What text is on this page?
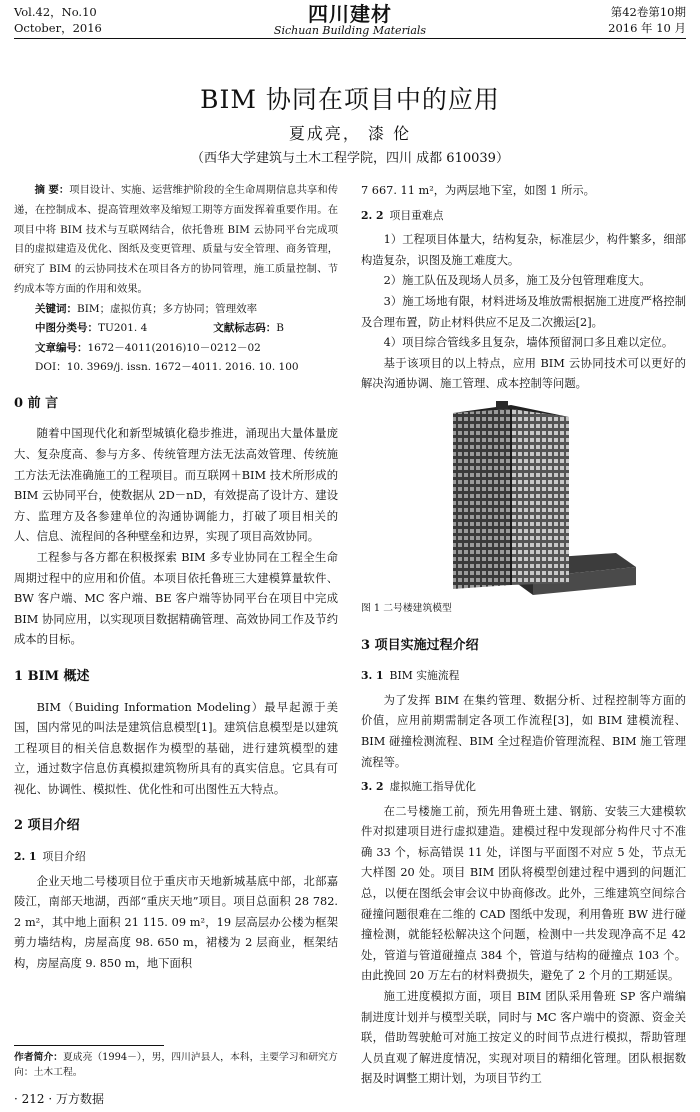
Vol.42，No.10
October，2016
四川建材
Sichuan Building Materials
第42卷第10期
2016 年 10 月
BIM 协同在项目中的应用
夏成亮， 漆 伦
（西华大学建筑与土木工程学院，四川 成都 610039）

摘 要：项目设计、实施、运营维护阶段的全生命周期信息共享和传递，在控制成本、提高管理效率及缩短工期等方面发挥着重要作用。在项目中将 BIM 技术与互联网结合，依托鲁班 BIM 云协同平台完成项目的虚拟建造及优化、图纸及变更管理、质量与安全管理、商务管理，研究了 BIM 的云协同技术在项目各方的协同管理，施工质量控制、节约成本等方面的作用和效果。

关键词：BIM；虚拟仿真；多方协同；管理效率
中图分类号：TU201. 4	文献标志码：B
文章编号：1672－4011(2016)10－0212－02
DOI：10. 3969/j. issn. 1672－4011. 2016. 10. 100

0 前 言

随着中国现代化和新型城镇化稳步推进，涌现出大量体量庞大、复杂度高、参与方多、传统管理方法无法高效管理、传统施工方法无法准确施工的工程项目。而互联网＋BIM 技术所形成的 BIM 云协同平台，使数据从 2D－nD，有效提高了设计方、建设方、监理方及各参建单位的沟通协调能力，打破了项目相关的人、信息、流程间的各种壁垒和边界，实现了项目高效协同。

工程参与各方都在积极探索 BIM 多专业协同在工程全生命周期过程中的应用和价值。本项目依托鲁班三大建模算量软件、BW 客户端、MC 客户端、BE 客户端等协同平台在项目中完成 BIM 协同应用，以实现项目数据精确管理、高效协同工作及节约成本的目标。

1 BIM 概述

BIM（Buiding Information Modeling）最早起源于美国，国内常见的叫法是建筑信息模型[1]。建筑信息模型是以建筑工程项目的相关信息数据作为模型的基础，进行建筑模型的建立，通过数字信息仿真模拟建筑物所具有的真实信息。它具有可视化、协调性、模拟性、优化性和可出图性五大特点。

2 项目介绍

2. 1 项目介绍

企业天地二号楼项目位于重庆市天地新城基底中部，北部嘉陵江，南部天地湖，西部“重庆天地”项目。项目总面积 28 782. 2 m²，其中地上面积 21 115. 09 m²，19 层高层办公楼为框架剪力墙结构，房屋高度 98. 650 m，裙楼为 2 层商业，框架结构，房屋高度 9. 850 m，地下面积

7 667. 11 m²，为两层地下室，如图 1 所示。

2. 2 项目重难点

1）工程项目体量大，结构复杂，标准层少，构件繁多，细部构造复杂，识图及施工难度大。

2）施工队伍及现场人员多，施工及分包管理难度大。

3）施工场地有限，材料进场及堆放需根据施工进度严格控制及合理布置，防止材料供应不足及二次搬运[2]。

4）项目综合管线多且复杂，墙体预留洞口多且难以定位。

基于该项目的以上特点，应用 BIM 云协同技术可以更好的解决沟通协调、施工管理、成本控制等问题。

图 1 二号楼建筑模型

3 项目实施过程介绍

3. 1 BIM 实施流程

为了发挥 BIM 在集约管理、数据分析、过程控制等方面的价值，应用前期需制定各项工作流程[3]，如 BIM 建模流程、BIM 碰撞检测流程、BIM 全过程造价管理流程、BIM 施工管理流程等。

3. 2 虚拟施工指导优化

在二号楼施工前，预先用鲁班土建、钢筋、安装三大建模软件对拟建项目进行虚拟建造。建模过程中发现部分构件尺寸不准确 33 个，标高错误 11 处，详图与平面图不对应 5 处，节点无大样图 20 处。项目 BIM 团队将模型创建过程中遇到的问题汇总，以便在图纸会审会议中协商修改。此外，三维建筑空间综合碰撞问题很难在二维的 CAD 图纸中发现，利用鲁班 BW 进行碰撞检测，就能轻松解决这个问题，检测中一共发现净高不足 42 处，管道与管道碰撞点 384 个，管道与结构的碰撞点 103 个。由此挽回 20 万左右的材料费损失，避免了 2 个月的工期延误。

施工进度模拟方面，项目 BIM 团队采用鲁班 SP 客户端编制进度计划并与模型关联，同时与 MC 客户端中的资源、资金关联，借助驾驶舱可对施工按定义的时间节点进行模拟，帮助管理人员直观了解进度情况，实现对项目的精细化管理。团队根据数据及时调整工期计划，为项目节约工

作者简介：夏成亮（1994－），男，四川泸县人，本科，主要学习和研究方向：土木工程。
· 212 · 万方数据
